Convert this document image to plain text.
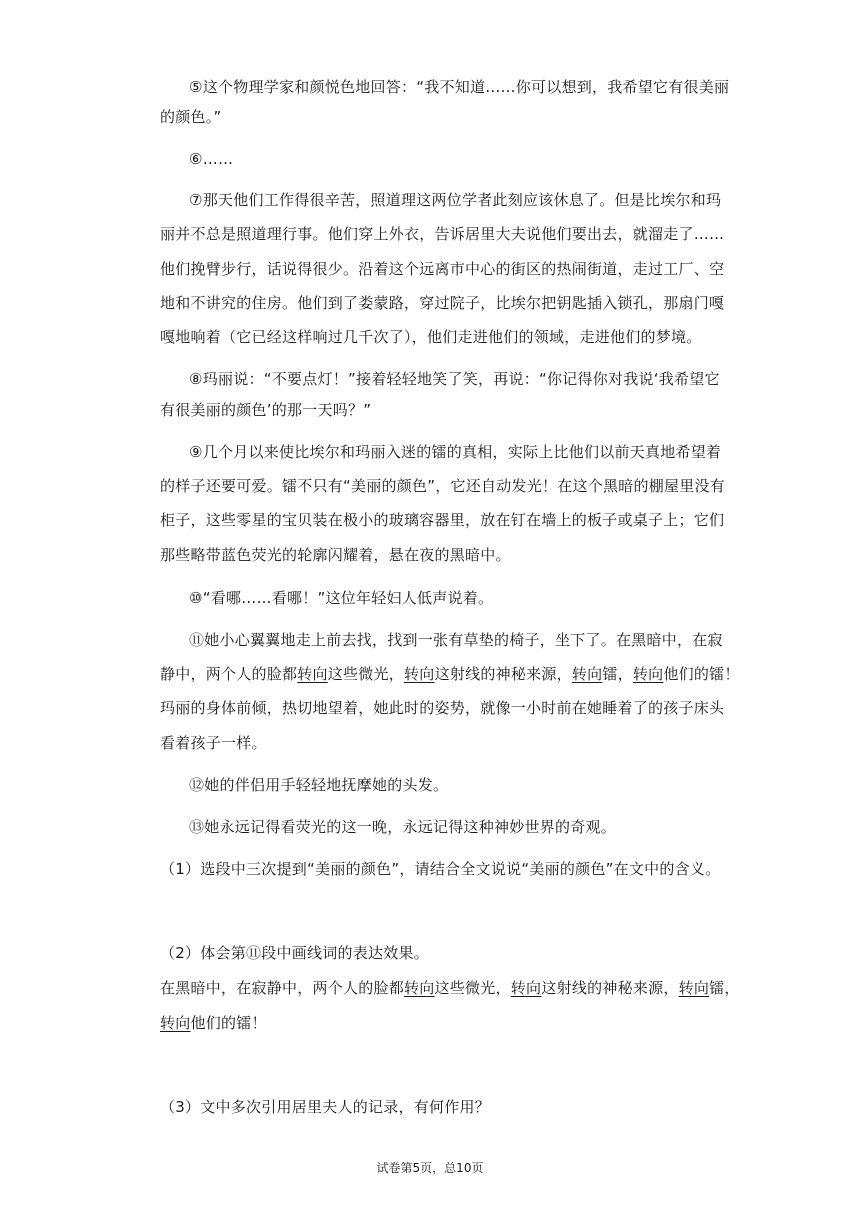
⑤这个物理学家和颜悦色地回答：“我不知道……你可以想到，我希望它有很美丽
的颜色。”
⑥……
⑦那天他们工作得很辛苦，照道理这两位学者此刻应该休息了。但是比埃尔和玛
丽并不总是照道理行事。他们穿上外衣，告诉居里大夫说他们要出去，就溜走了……
他们挽臂步行，话说得很少。沿着这个远离市中心的街区的热闹街道，走过工厂、空
地和不讲究的住房。他们到了娄蒙路，穿过院子，比埃尔把钥匙插入锁孔，那扇门嘎
嘎地响着（它已经这样响过几千次了），他们走进他们的领域，走进他们的梦境。
⑧玛丽说：“不要点灯！”接着轻轻地笑了笑，再说：“你记得你对我说‘我希望它
有很美丽的颜色’的那一天吗？”
⑨几个月以来使比埃尔和玛丽入迷的镭的真相，实际上比他们以前天真地希望着
的样子还要可爱。镭不只有“美丽的颜色”，它还自动发光！在这个黑暗的棚屋里没有
柜子，这些零星的宝贝装在极小的玻璃容器里，放在钉在墙上的板子或桌子上；它们
那些略带蓝色荧光的轮廓闪耀着，悬在夜的黑暗中。
⑩“看哪……看哪！”这位年轻妇人低声说着。
⑪她小心翼翼地走上前去找，找到一张有草垫的椅子，坐下了。在黑暗中，在寂
静中，两个人的脸都转向这些微光，转向这射线的神秘来源，转向镭，转向他们的镭！
玛丽的身体前倾，热切地望着，她此时的姿势，就像一小时前在她睡着了的孩子床头
看着孩子一样。
⑫她的伴侣用手轻轻地抚摩她的头发。
⑬她永远记得看荧光的这一晚，永远记得这种神妙世界的奇观。
（1）选段中三次提到“美丽的颜色”，请结合全文说说“美丽的颜色”在文中的含义。
（2）体会第⑪段中画线词的表达效果。
在黑暗中，在寂静中，两个人的脸都转向这些微光，转向这射线的神秘来源，转向镭，
转向他们的镭！
（3）文中多次引用居里夫人的记录，有何作用？
试卷第5页，总10页
